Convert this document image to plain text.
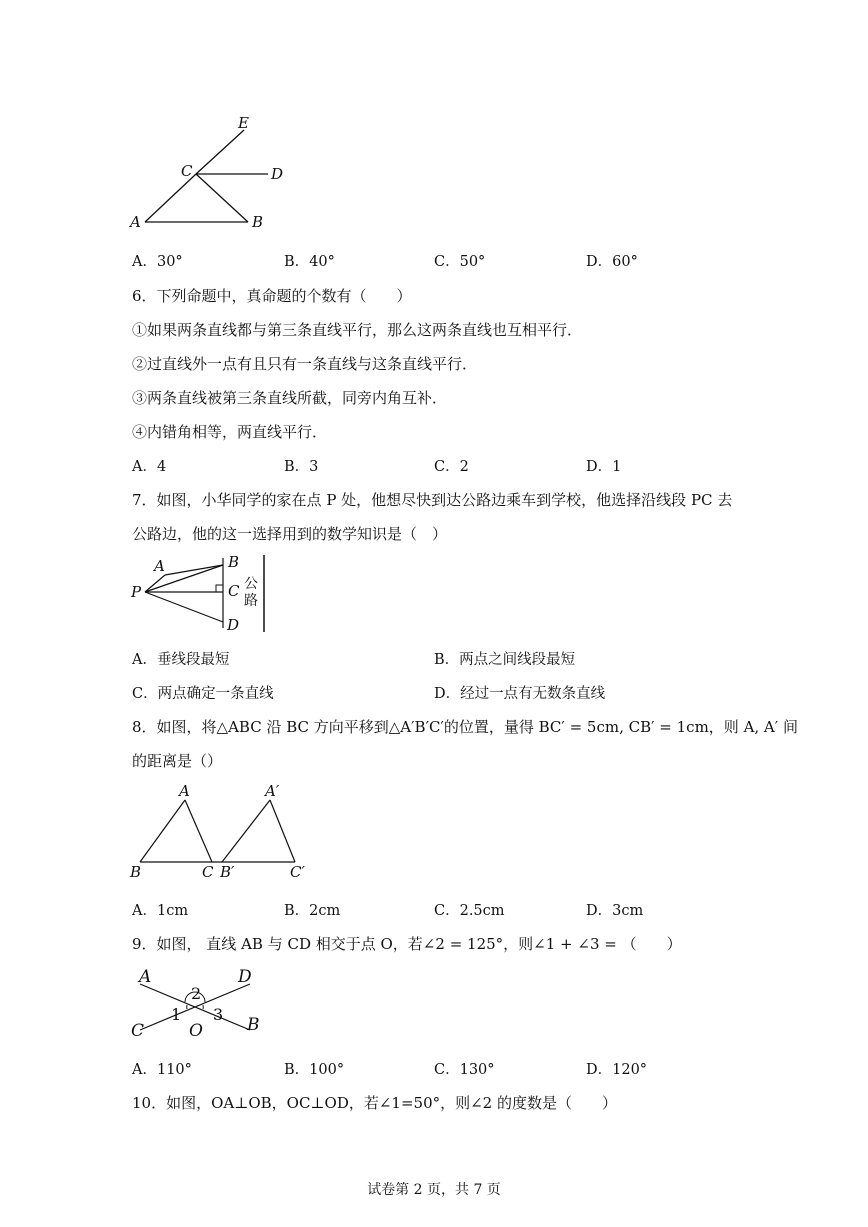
E
C	D
A	B
A．30°	B．40°	C．50°	D．60°
6．下列命题中，真命题的个数有（　　）
①如果两条直线都与第三条直线平行，那么这两条直线也互相平行．
②过直线外一点有且只有一条直线与这条直线平行．
③两条直线被第三条直线所截，同旁内角互补．
④内错角相等，两直线平行．
A．4	B．3	C．2	D．1
7．如图，小华同学的家在点 P 处，他想尽快到达公路边乘车到学校，他选择沿线段 PC 去
公路边，他的这一选择用到的数学知识是（　）
A	B
C
D
P	公
路
A．垂线段最短	B．两点之间线段最短
C．两点确定一条直线	D．经过一点有无数条直线
8．如图，将△ABC 沿 BC 方向平移到△A′B′C′的位置，量得 BC′ = 5cm, CB′ = 1cm，则 A, A′ 间
的距离是（）
A	A′
B	C B′	C′
A．1cm	B．2cm	C．2.5cm	D．3cm
9．如图， 直线 AB 与 CD 相交于点 O，若∠2 = 125°，则∠1 + ∠3 = （　　）
A	D
C	B
O
1
2
3
A．110°	B．100°	C．130°	D．120°
10．如图，OA⊥OB，OC⊥OD，若∠1=50°，则∠2 的度数是（　　）
试卷第 2 页，共 7 页
